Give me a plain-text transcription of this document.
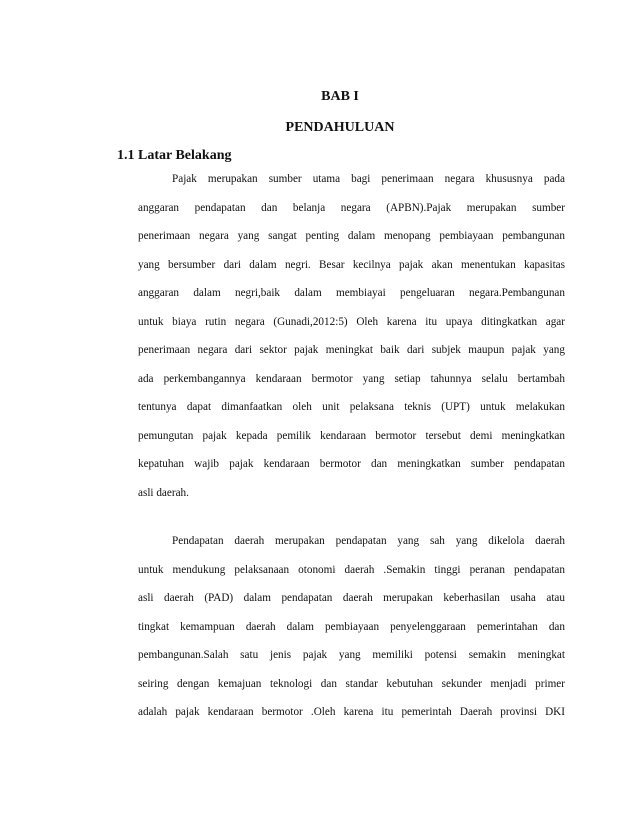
BAB I
PENDAHULUAN
1.1 Latar Belakang
Pajak merupakan sumber utama bagi penerimaan negara khususnya pada
anggaran pendapatan dan belanja negara (APBN).Pajak merupakan sumber
penerimaan negara yang sangat penting dalam menopang pembiayaan pembangunan
yang bersumber dari dalam negri. Besar kecilnya pajak akan menentukan kapasitas
anggaran dalam negri,baik dalam membiayai pengeluaran negara.Pembangunan
untuk biaya rutin negara (Gunadi,2012:5) Oleh karena itu upaya ditingkatkan agar
penerimaan negara dari sektor pajak meningkat baik dari subjek maupun pajak yang
ada perkembangannya kendaraan bermotor yang setiap tahunnya selalu bertambah
tentunya dapat dimanfaatkan oleh unit pelaksana teknis (UPT) untuk melakukan
pemungutan pajak kepada pemilik kendaraan bermotor tersebut demi meningkatkan
kepatuhan wajib pajak kendaraan bermotor dan meningkatkan sumber pendapatan
asli daerah.
Pendapatan daerah merupakan pendapatan yang sah yang dikelola daerah
untuk mendukung pelaksanaan otonomi daerah .Semakin tinggi peranan pendapatan
asli daerah (PAD) dalam pendapatan daerah merupakan keberhasilan usaha atau
tingkat kemampuan daerah dalam pembiayaan penyelenggaraan pemerintahan dan
pembangunan.Salah satu jenis pajak yang memiliki potensi semakin meningkat
seiring dengan kemajuan teknologi dan standar kebutuhan sekunder menjadi primer
adalah pajak kendaraan bermotor .Oleh karena itu pemerintah Daerah provinsi DKI
